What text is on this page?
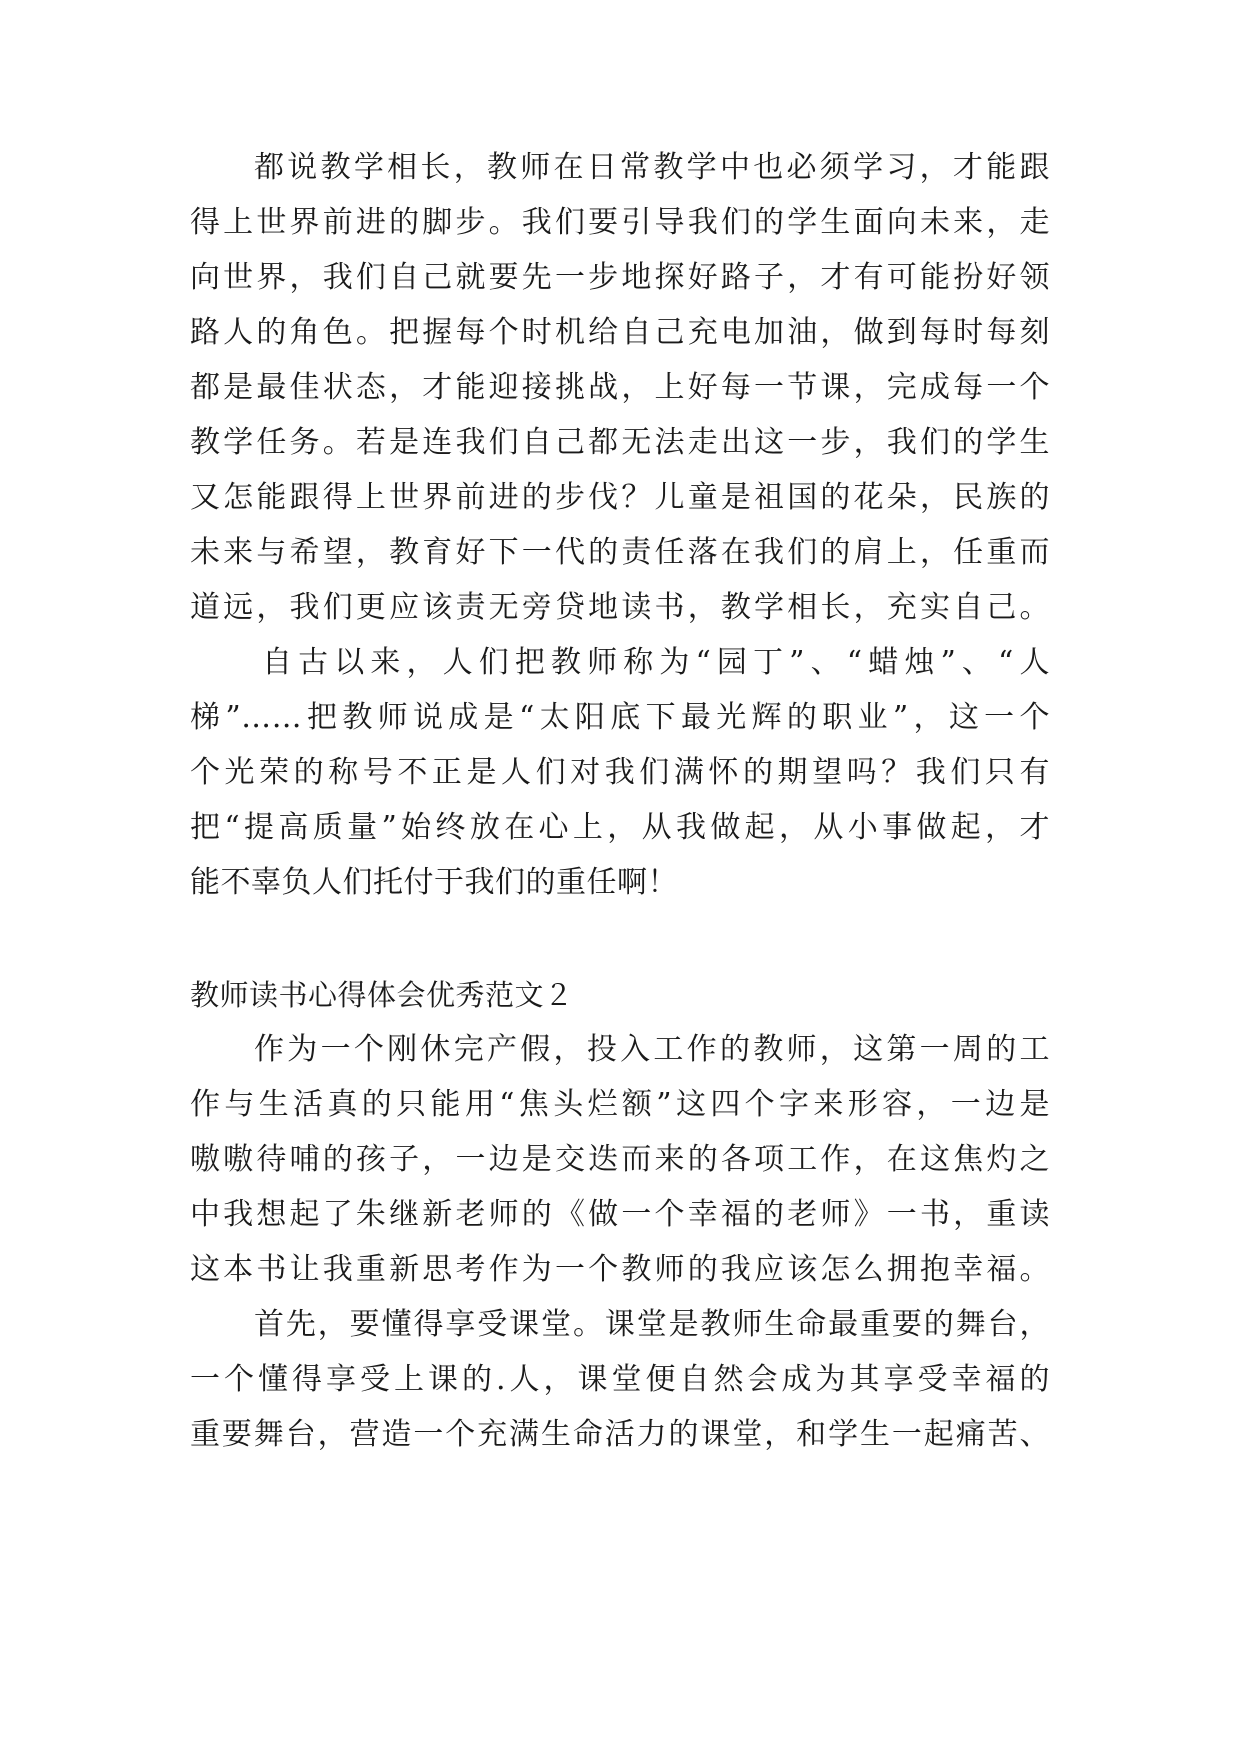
都说教学相长，教师在日常教学中也必须学习，才能跟
得上世界前进的脚步。我们要引导我们的学生面向未来，走
向世界，我们自己就要先一步地探好路子，才有可能扮好领
路人的角色。把握每个时机给自己充电加油，做到每时每刻
都是最佳状态，才能迎接挑战，上好每一节课，完成每一个
教学任务。若是连我们自己都无法走出这一步，我们的学生
又怎能跟得上世界前进的步伐？儿童是祖国的花朵，民族的
未来与希望，教育好下一代的责任落在我们的肩上，任重而
道远，我们更应该责无旁贷地读书，教学相长，充实自己。
自古以来，人们把教师称为“园丁”、“蜡烛”、“人
梯”……把教师说成是“太阳底下最光辉的职业”，这一个
个光荣的称号不正是人们对我们满怀的期望吗？我们只有
把“提高质量”始终放在心上，从我做起，从小事做起，才
能不辜负人们托付于我们的重任啊！
教师读书心得体会优秀范文２
作为一个刚休完产假，投入工作的教师，这第一周的工
作与生活真的只能用“焦头烂额”这四个字来形容，一边是
嗷嗷待哺的孩子，一边是交迭而来的各项工作，在这焦灼之
中我想起了朱继新老师的《做一个幸福的老师》一书，重读
这本书让我重新思考作为一个教师的我应该怎么拥抱幸福。
首先，要懂得享受课堂。课堂是教师生命最重要的舞台，
一个懂得享受上课的.人，课堂便自然会成为其享受幸福的
重要舞台，营造一个充满生命活力的课堂，和学生一起痛苦、
